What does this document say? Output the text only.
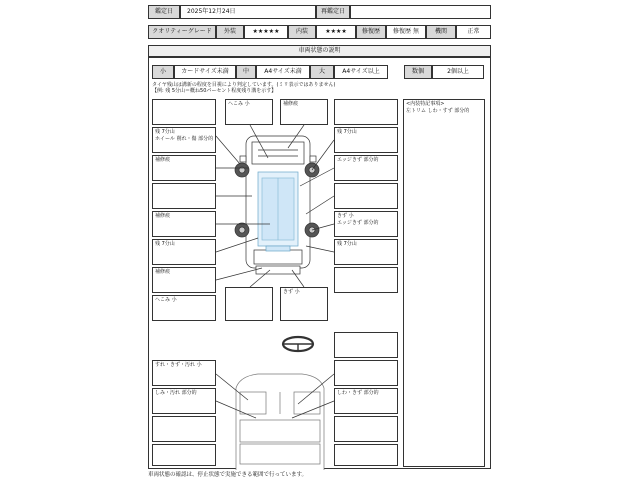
鑑定日	2025年12月24日	再鑑定日
クオリティーグレード	外装	★★★★★	内装	★★★★	修復歴	修復歴 無	機関	正常
車両状態の説明
小	カードサイズ未満	中	A4サイズ未満	大	A4サイズ以上	数個	2個以上
タイヤ残山は溝新の程度を目視により判定しています。(ミリ表示ではありません)
【例: 残 5分山＝概ね50パーセント程度残り溝を示す】
<内装特記事項>
左トリム しわ・すず 部分的
へこみ 小	補修痕
残 7分山
ホイール 削れ・傷 部分的
残 7分山
補修痕	エッジきず 部分的
補修痕	きず 小
エッジきず 部分的
残 7分山	残 7分山
補修痕
へこみ 小
きず 小
すれ・きず・汚れ 小
しみ・汚れ 部分的	しわ・きず 部分的
車両状態の確認は、停止状態で実施できる範囲で行っています。
